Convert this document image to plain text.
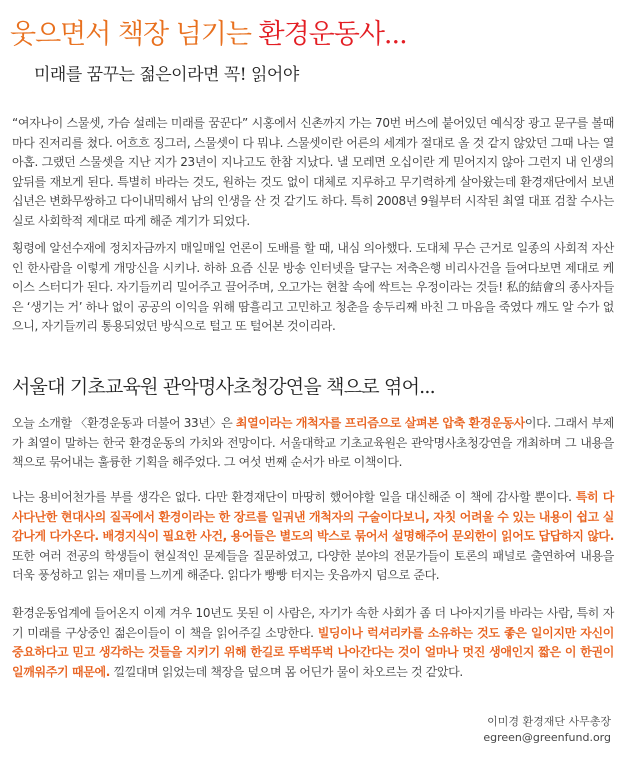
웃으면서 책장 넘기는 환경운동사...
미래를 꿈꾸는 젊은이라면 꼭! 읽어야

“여자나이 스물셋, 가슴 설레는 미래를 꿈꾼다” 시홍에서 신촌까지 가는 70번 버스에 붙어있던 예식장 광고 문구를 볼때마다 진저리를 쳤다. 어흐흐 징그러, 스물셋이 다 뭐냐. 스물셋이란 어른의 세계가 절대로 올 것 같지 않았던 그때 나는 열아홉. 그랬던 스물셋을 지난 지가 23년이 지나고도 한참 지났다. 낼 모레면 오십이란 게 믿어지지 않아 그런지 내 인생의 앞뒤를 재보게 된다. 특별히 바라는 것도, 원하는 것도 없이 대체로 지루하고 무기력하게 살아왔는데 환경재단에서 보낸 십년은 변화무쌍하고 다이내믹해서 남의 인생을 산 것 같기도 하다. 특히 2008년 9월부터 시작된 최열 대표 검찰 수사는 실로 사회학적 제대로 따게 해준 계기가 되었다.

횡령에 알선수재에 정치자금까지 매일매일 언론이 도배를 할 때, 내심 의아했다. 도대체 무슨 근거로 일종의 사회적 자산인 한사람을 이렇게 개망신을 시키나. 하하 요즘 신문 방송 인터넷을 달구는 저축은행 비리사건을 들여다보면 제대로 케이스 스터디가 된다. 자기들끼리 밀어주고 끌어주며, 오고가는 현찰 속에 싹트는 우정이라는 것들! 私的結會의 종사자들은 ‘생기는 거’ 하나 없이 공공의 이익을 위해 땀흘리고 고민하고 청춘을 송두리째 바친 그 마음을 죽였다 깨도 알 수가 없으니, 자기들끼리 통용되었던 방식으로 털고 또 털어본 것이리라.

서울대 기초교육원 관악명사초청강연을 책으로 엮어...

오늘 소개할 〈환경운동과 더불어 33년〉은 최열이라는 개척자를 프리즘으로 살펴본 압축 환경운동사이다. 그래서 부제가 최열이 말하는 한국 환경운동의 가치와 전망이다. 서울대학교 기초교육원은 관악명사초청강연을 개최하며 그 내용을 책으로 묶어내는 훌륭한 기획을 해주었다. 그 여섯 번째 순서가 바로 이책이다.

나는 용비어천가를 부를 생각은 없다. 다만 환경재단이 마땅히 했어야할 일을 대신해준 이 책에 감사할 뿐이다. 특히 다사다난한 현대사의 질곡에서 환경이라는 한 장르를 일궈낸 개척자의 구술이다보니, 자칫 어려울 수 있는 내용이 쉽고 실감나게 다가온다. 배경지식이 필요한 사건, 용어들은 별도의 박스로 묶어서 설명해주어 문외한이 읽어도 답답하지 않다. 또한 여러 전공의 학생들이 현실적인 문제들을 질문하였고, 다양한 분야의 전문가들이 토론의 패널로 출연하여 내용을 더욱 풍성하고 읽는 재미를 느끼게 해준다. 읽다가 빵빵 터지는 웃음까지 덤으로 준다.

환경운동업계에 들어온지 이제 겨우 10년도 못된 이 사람은, 자기가 속한 사회가 좀 더 나아지기를 바라는 사람, 특히 자기 미래를 구상중인 젊은이들이 이 책을 읽어주길 소망한다. 빌딩이나 럭셔리카를 소유하는 것도 좋은 일이지만 자신이 중요하다고 믿고 생각하는 것들을 지키기 위해 한길로 뚜벅뚜벅 나아간다는 것이 얼마나 멋진 생애인지 짧은 이 한권이 일깨워주기 때문에. 낄낄대며 읽었는데 책장을 덮으며 몸 어딘가 물이 차오르는 것 같았다.

이미경 환경재단 사무총장
egreen@greenfund.org
